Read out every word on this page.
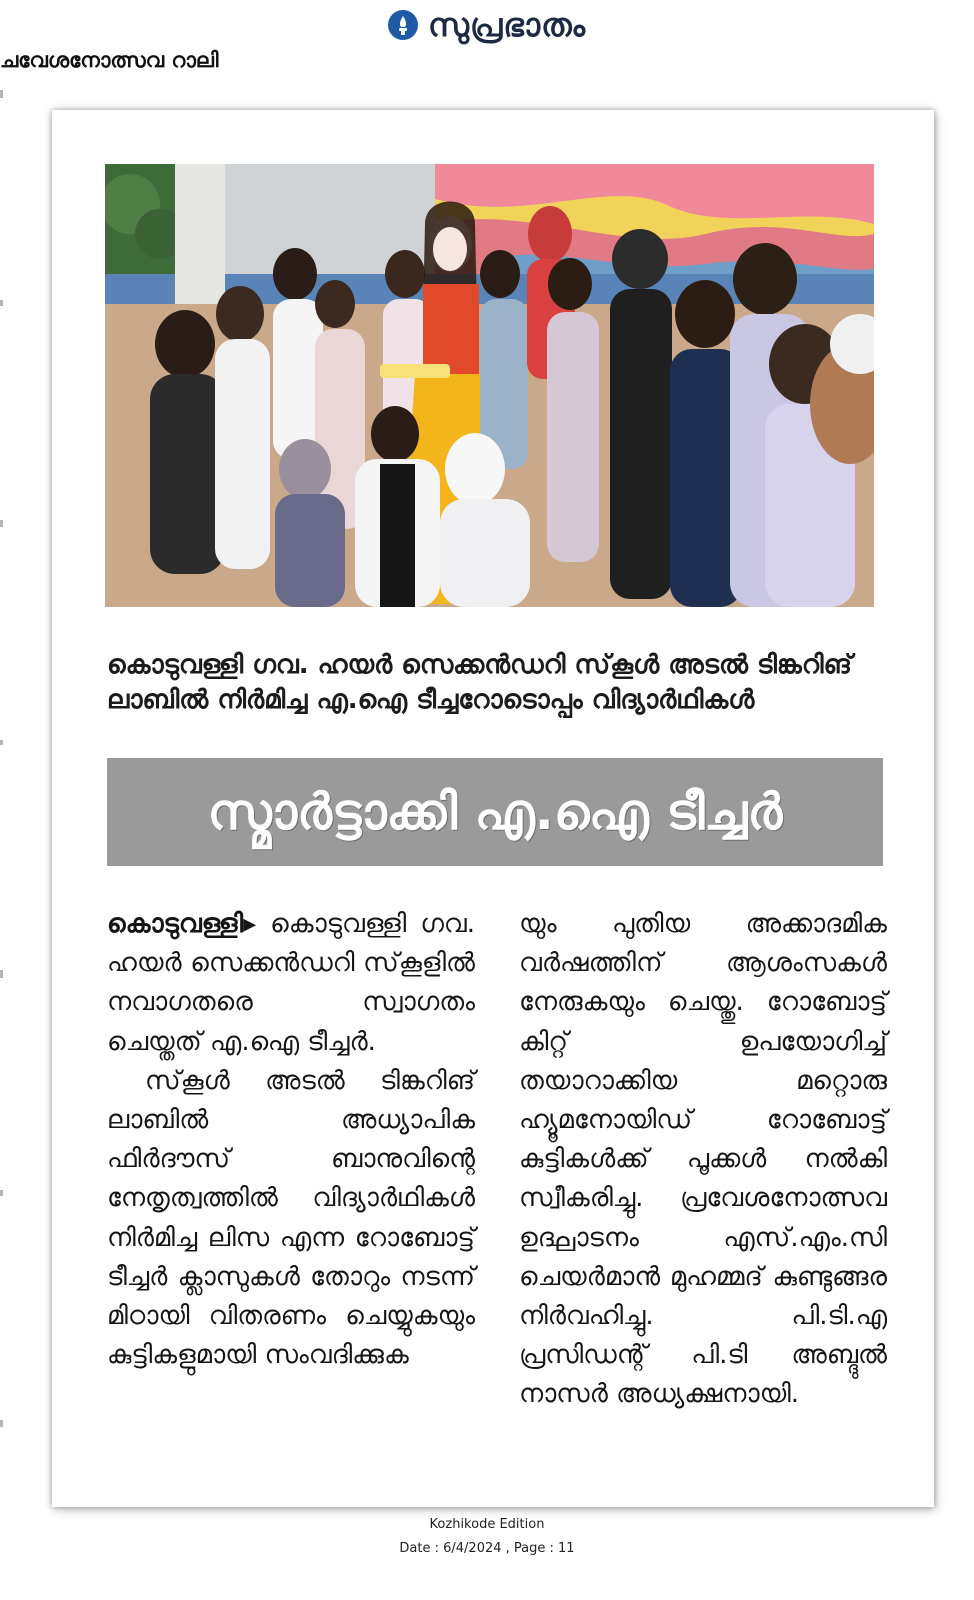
സുപ്രഭാതം
ചവേശനോത്സവ റാലി
കൊടുവള്ളി ഗവ. ഹയർ സെക്കൻഡറി സ്‌കൂൾ അടൽ ടിങ്കറിങ് ലാബിൽ നിർമിച്ച എ.ഐ ടീച്ചറോടൊപ്പം വിദ്യാർഥികൾ
സ്മാർട്ടാക്കി എ.ഐ ടീച്ചർ

കൊടുവള്ളി▸ കൊടുവള്ളി ഗവ. ഹയർ സെക്കൻഡറി സ്‌കൂളിൽ നവാഗതരെ സ്വാഗതം ചെയ്തത് എ.ഐ ടീച്ചർ.

സ്‌കൂൾ അടൽ ടിങ്കറിങ് ലാബിൽ അധ്യാപിക ഫിർദൗസ് ബാനുവിന്റെ നേതൃത്വത്തിൽ വിദ്യാർഥികൾ നിർമിച്ച ലിസ എന്ന റോബോട്ട് ടീച്ചർ ക്ലാസുകൾ തോറും നടന്ന് മിഠായി വിതരണം ചെയ്യുകയും കുട്ടികളുമായി സംവദിക്കുക

യും പുതിയ അക്കാദമിക വർഷത്തിന് ആശംസകൾ നേരുകയും ചെയ്തു. റോബോട്ട് കിറ്റ് ഉപയോഗിച്ച് തയാറാക്കിയ മറ്റൊരു ഹ്യൂമനോയിഡ് റോബോട്ട് കുട്ടികൾക്ക് പൂക്കൾ നൽകി സ്വീകരിച്ചു. പ്രവേശനോത്സവ ഉദ്ഘാടനം എസ്.എം.സി ചെയർമാൻ മുഹമ്മദ് കുണ്ടുങ്ങര നിർവഹിച്ചു. പി.ടി.എ പ്രസിഡന്റ് പി.ടി അബ്ദുൽ നാസർ അധ്യക്ഷനായി.

Kozhikode Edition
Date : 6/4/2024 , Page : 11
